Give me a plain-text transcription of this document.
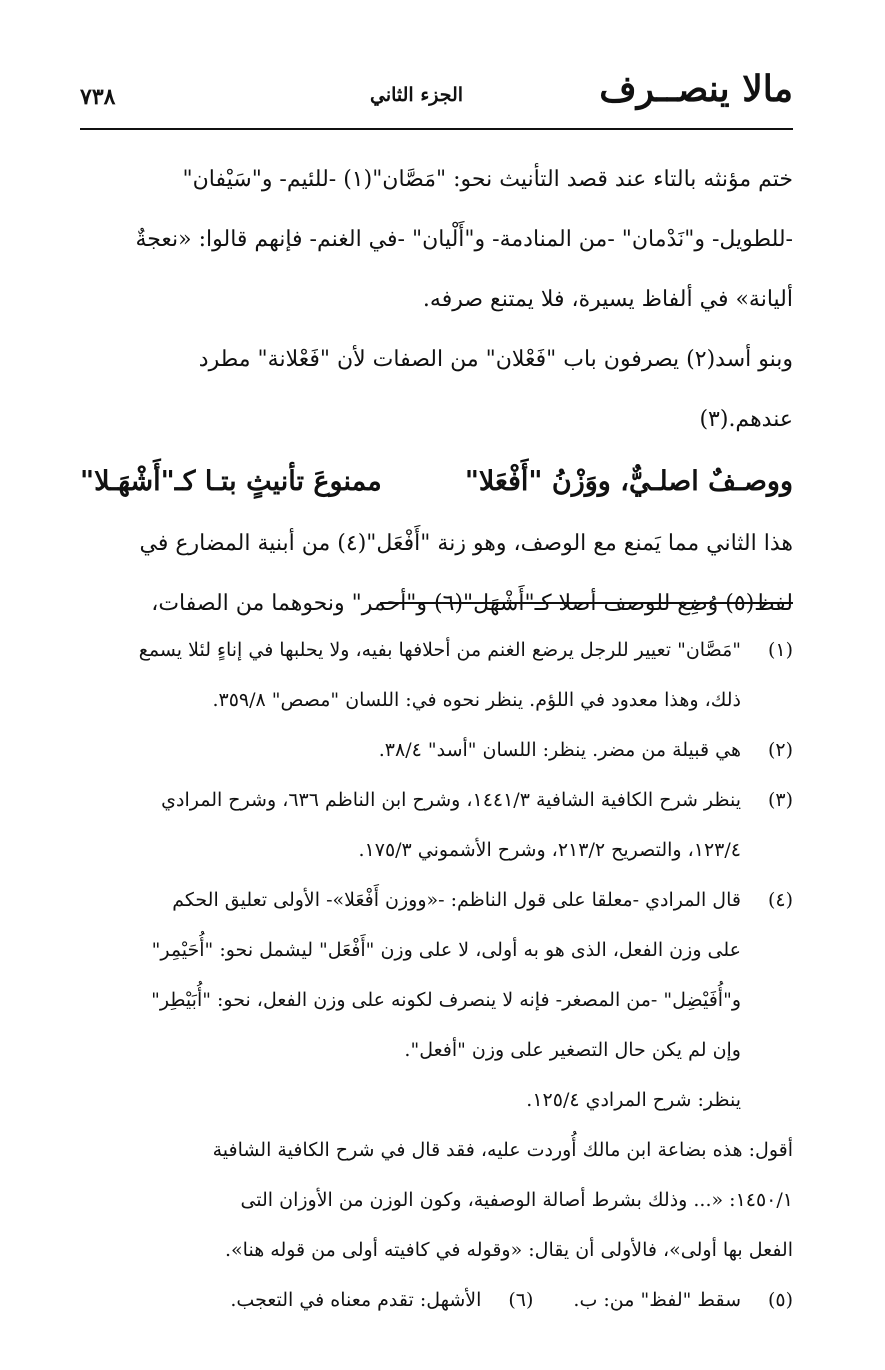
مالا ينصــرف
الجزء الثاني
٧٣٨

ختم مؤنثه بالتاء عند قصد التأنيث نحو: "مَصَّان"(١) -للئيم- و"سَيْفان"
-للطويل- و"نَدْمان" -من المنادمة- و"أَلْيان" -في الغنم- فإنهم قالوا: «نعجةٌ
أليانة» في ألفاظ يسيرة، فلا يمتنع صرفه.

وبنو أسد(٢) يصرفون باب "فَعْلان" من الصفات لأن "فَعْلانة" مطرد
عندهم.(٣)

ووصـفٌ اصلـيٌّ، ووَزْنُ "أَفْعَلا"
ممنوعَ تأنيثٍ بتـا كـ"أَشْهَـلا"

هذا الثاني مما يَمنع مع الوصف، وهو زنة "أَفْعَل"(٤) من أبنية المضارع في
لفظ(٥) وُضِع للوصف أصلا كـ"أَشْهَل"(٦) و"أحمر" ونحوهما من الصفات،

(١)
"مَصَّان" تعيير للرجل يرضع الغنم من أحلافها بفيه، ولا يحلبها في إناءٍ لئلا يسمع
ذلك، وهذا معدود في اللؤم. ينظر نحوه في: اللسان "مصص" ٣٥٩/٨.
(٢)
هي قبيلة من مضر. ينظر: اللسان "أسد" ٣٨/٤.
(٣)
ينظر شرح الكافية الشافية ١٤٤١/٣، وشرح ابن الناظم ٦٣٦، وشرح المرادي
١٢٣/٤، والتصريح ٢١٣/٢، وشرح الأشموني ١٧٥/٣.
(٤)
قال المرادي -معلقا على قول الناظم: -«ووزن أَفْعَلا»- الأولى تعليق الحكم
على وزن الفعل، الذى هو به أولى، لا على وزن "أَفْعَل" ليشمل نحو: "أُحَيْمِر"
و"أُفَيْضِل" -من المصغر- فإنه لا ينصرف لكونه على وزن الفعل، نحو: "أُبَيْطِر"
وإن لم يكن حال التصغير على وزن "أفعل".
ينظر: شرح المرادي ١٢٥/٤.
أقول: هذه بضاعة ابن مالك أُوردت عليه، فقد قال في شرح الكافية الشافية
١٤٥٠/١: «... وذلك بشرط أصالة الوصفية، وكون الوزن من الأوزان التى
الفعل بها أولى»، فالأولى أن يقال: «وقوله في كافيته أولى من قوله هنا».
(٥)
سقط "لفظ" من: ب.
(٦)
الأشهل: تقدم معناه في التعجب.
